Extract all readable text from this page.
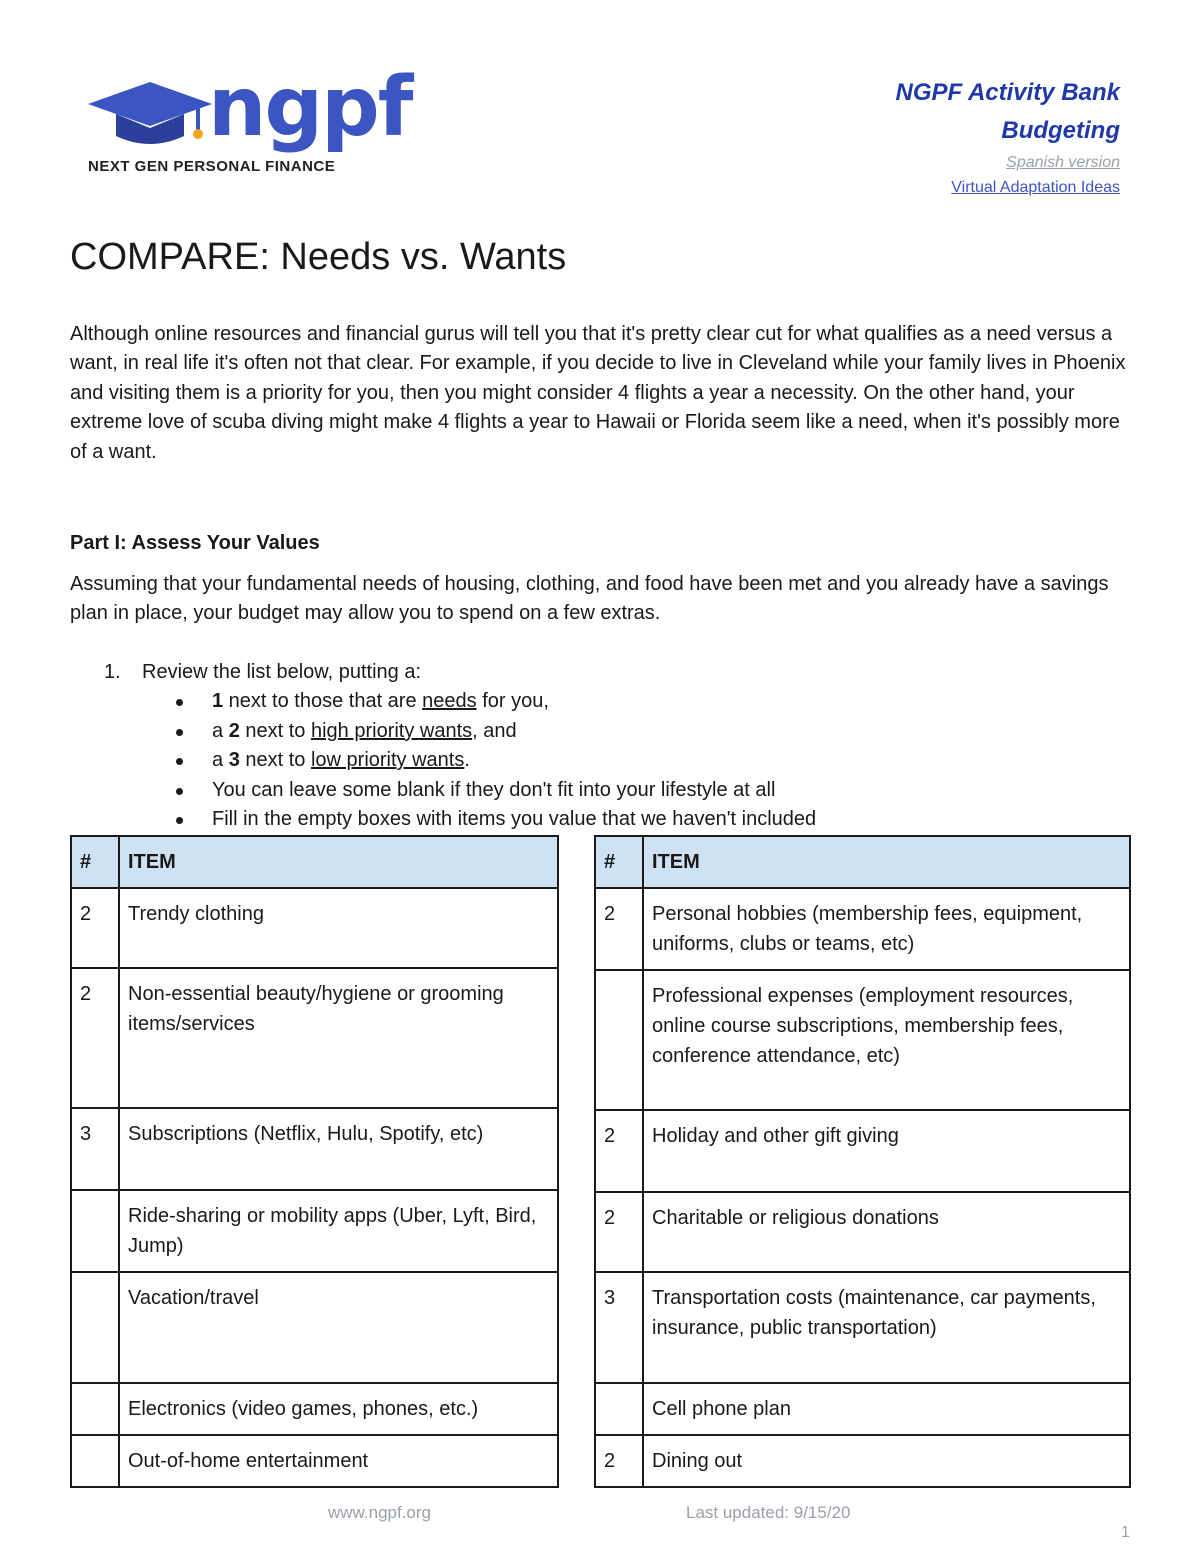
ngpf
NEXT GEN PERSONAL FINANCE
NGPF Activity Bank
Budgeting
Spanish version
Virtual Adaptation Ideas
COMPARE: Needs vs. Wants

Although online resources and financial gurus will tell you that it's pretty clear cut for what qualifies as a need versus a want, in real life it's often not that clear. For example, if you decide to live in Cleveland while your family lives in Phoenix and visiting them is a priority for you, then you might consider 4 flights a year a necessity. On the other hand, your extreme love of scuba diving might make 4 flights a year to Hawaii or Florida seem like a need, when it's possibly more of a want.

Part I: Assess Your Values

Assuming that your fundamental needs of housing, clothing, and food have been met and you already have a savings plan in place, your budget may allow you to spend on a few extras.

1. Review the list below, putting a:
1 next to those that are needs for you,
a 2 next to high priority wants, and
a 3 next to low priority wants.
You can leave some blank if they don't fit into your lifestyle at all
Fill in the empty boxes with items you value that we haven't included
#	ITEM
2	Trendy clothing
2	Non-essential beauty/hygiene or grooming items/services
3	Subscriptions (Netflix, Hulu, Spotify, etc)
	Ride-sharing or mobility apps (Uber, Lyft, Bird, Jump)
	Vacation/travel
	Electronics (video games, phones, etc.)
	Out-of-home entertainment
#	ITEM
2	Personal hobbies (membership fees, equipment, uniforms, clubs or teams, etc)
	Professional expenses (employment resources, online course subscriptions, membership fees, conference attendance, etc)
2	Holiday and other gift giving
2	Charitable or religious donations
3	Transportation costs (maintenance, car payments, insurance, public transportation)
	Cell phone plan
2	Dining out
www.ngpf.org	Last updated: 9/15/20
1
